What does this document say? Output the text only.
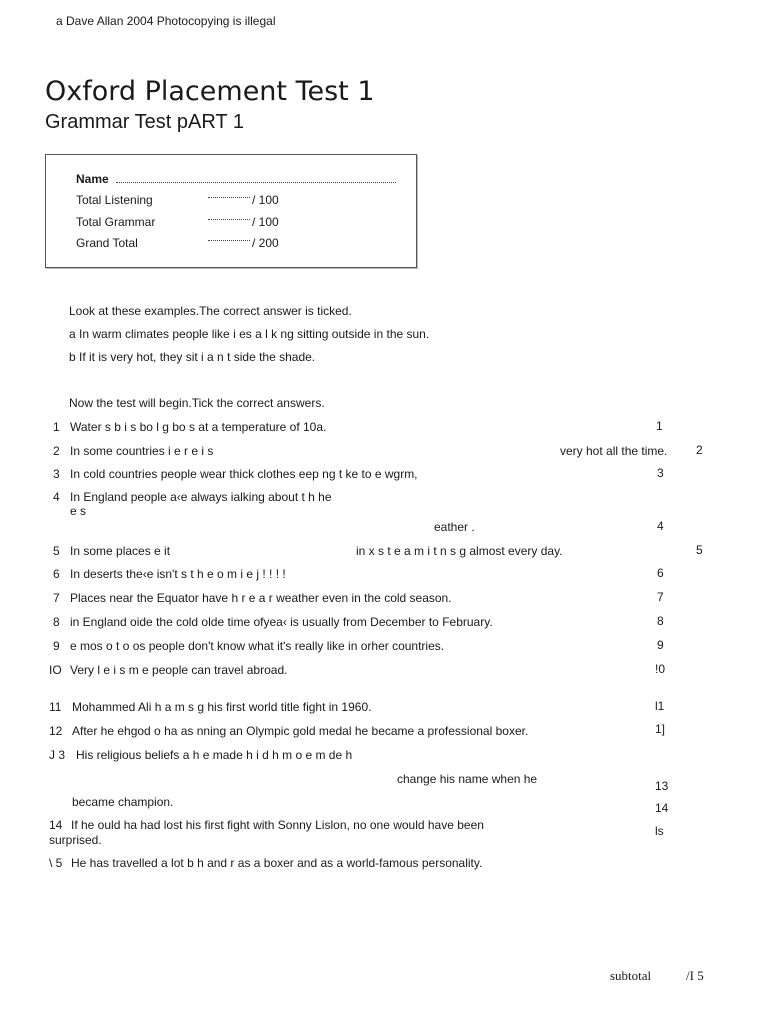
a Dave Allan 2004 Photocopying is illegal
Oxford Placement Test 1
Grammar Test pART 1
Name
Total Listening	/ 100
Total Grammar	/ 100
Grand Total	/ 200
Look at these examples.The correct answer is ticked.
a In warm climates people like i es a l k ng sitting outside in the sun.
b If it is very hot, they sit i a n t side the shade.
Now the test will begin.Tick the correct answers.
1 Water s b i s bo l g bo s at a temperature of 10a.	1
2 In some countries i e r e i s	very hot all the time. 2
3 In cold countries people wear thick clothes eep ng t ke to e wgrm,	3
4 In England people a‹e always ialking about t h he
e s
eather .	4
5 In some places e it	in x s t e a m i t n s g almost every day.	5
6 In deserts the‹e isn't s t h e o m i e j ! ! ! !	6
7 Places near the Equator have h r e a r weather even in the cold season.	7
8 in England oide the cold olde time ofyea‹ is usually from December to February.	8
9 e mos o t o os people don't know what it's really like in orher countries.	9
IO Very l e i s m e people can travel abroad.	!0
11 Mohammed Ali h a m s g his first world title fight in 1960.	l1
12 After he ehgod o ha as nning an Olympic gold medal he became a professional boxer.	1]
J 3 His religious beliefs a h e made h i d h m o e m de h
change his name when he
became champion.
13
14 If he ould ha had lost his first fight with Sonny Lislon, no one would have been
surprised.
14
ls
\ 5 He has travelled a lot b h and r as a boxer and as a world-famous personality.
subtotal	/I 5
